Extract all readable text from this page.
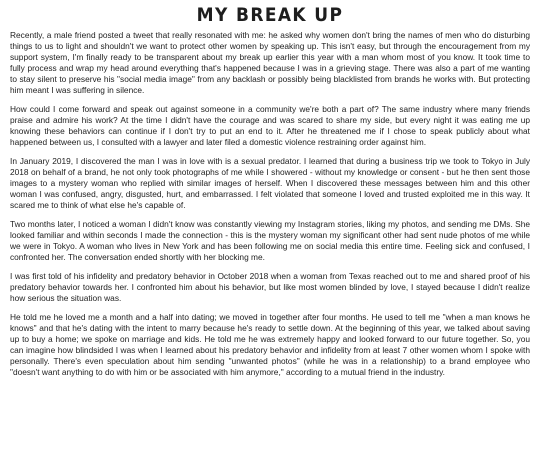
MY BREAK UP

Recently, a male friend posted a tweet that really resonated with me: he asked why women don't bring the names of men who do disturbing things to us to light and shouldn't we want to protect other women by speaking up. This isn't easy, but through the encouragement from my support system, I'm finally ready to be transparent about my break up earlier this year with a man whom most of you know. It took time to fully process and wrap my head around everything that's happened because I was in a grieving stage. There was also a part of me wanting to stay silent to preserve his "social media image" from any backlash or possibly being blacklisted from brands he works with. But protecting him meant I was suffering in silence.

How could I come forward and speak out against someone in a community we're both a part of? The same industry where many friends praise and admire his work? At the time I didn't have the courage and was scared to share my side, but every night it was eating me up knowing these behaviors can continue if I don't try to put an end to it. After he threatened me if I chose to speak publicly about what happened between us, I consulted with a lawyer and later filed a domestic violence restraining order against him.

In January 2019, I discovered the man I was in love with is a sexual predator. I learned that during a business trip we took to Tokyo in July 2018 on behalf of a brand, he not only took photographs of me while I showered - without my knowledge or consent - but he then sent those images to a mystery woman who replied with similar images of herself. When I discovered these messages between him and this other woman I was confused, angry, disgusted, hurt, and embarrassed. I felt violated that someone I loved and trusted exploited me in this way. It scared me to think of what else he's capable of.

Two months later, I noticed a woman I didn't know was constantly viewing my Instagram stories, liking my photos, and sending me DMs. She looked familiar and within seconds I made the connection - this is the mystery woman my significant other had sent nude photos of me while we were in Tokyo. A woman who lives in New York and has been following me on social media this entire time. Feeling sick and confused, I confronted her. The conversation ended shortly with her blocking me.

I was first told of his infidelity and predatory behavior in October 2018 when a woman from Texas reached out to me and shared proof of his predatory behavior towards her. I confronted him about his behavior, but like most women blinded by love, I stayed because I didn't realize how serious the situation was.

He told me he loved me a month and a half into dating; we moved in together after four months. He used to tell me "when a man knows he knows" and that he's dating with the intent to marry because he's ready to settle down. At the beginning of this year, we talked about saving up to buy a home; we spoke on marriage and kids. He told me he was extremely happy and looked forward to our future together. So, you can imagine how blindsided I was when I learned about his predatory behavior and infidelity from at least 7 other women whom I spoke with personally. There's even speculation about him sending "unwanted photos" (while he was in a relationship) to a brand employee who "doesn't want anything to do with him or be associated with him anymore," according to a mutual friend in the industry.
